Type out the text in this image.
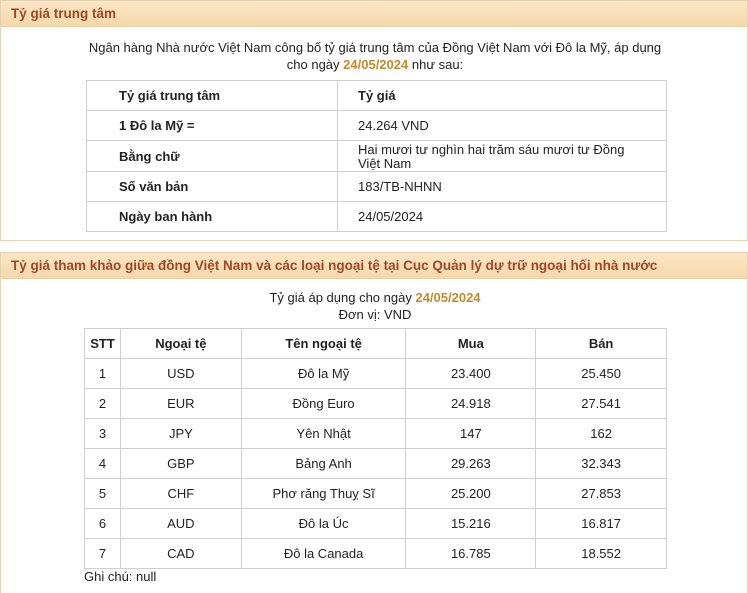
Tỷ giá trung tâm
Ngân hàng Nhà nước Việt Nam công bố tỷ giá trung tâm của Đồng Việt Nam với Đô la Mỹ, áp dụng
cho ngày 24/05/2024 như sau:
Tỷ giá trung tâm	Tỷ giá
1 Đô la Mỹ =	24.264 VND
Bằng chữ	Hai mươi tư nghìn hai trăm sáu mươi tư Đồng Việt Nam
Số văn bản	183/TB-NHNN
Ngày ban hành	24/05/2024
Tỷ giá tham khảo giữa đồng Việt Nam và các loại ngoại tệ tại Cục Quản lý dự trữ ngoại hối nhà nước
Tỷ giá áp dụng cho ngày 24/05/2024
Đơn vị: VND
STT	Ngoại tệ	Tên ngoại tệ	Mua	Bán
1	USD	Đô la Mỹ	23.400	25.450
2	EUR	Đồng Euro	24.918	27.541
3	JPY	Yên Nhật	147	162
4	GBP	Bảng Anh	29.263	32.343
5	CHF	Phơ răng Thuỵ Sĩ	25.200	27.853
6	AUD	Đô la Úc	15.216	16.817
7	CAD	Đô la Canada	16.785	18.552
Ghi chú: null
